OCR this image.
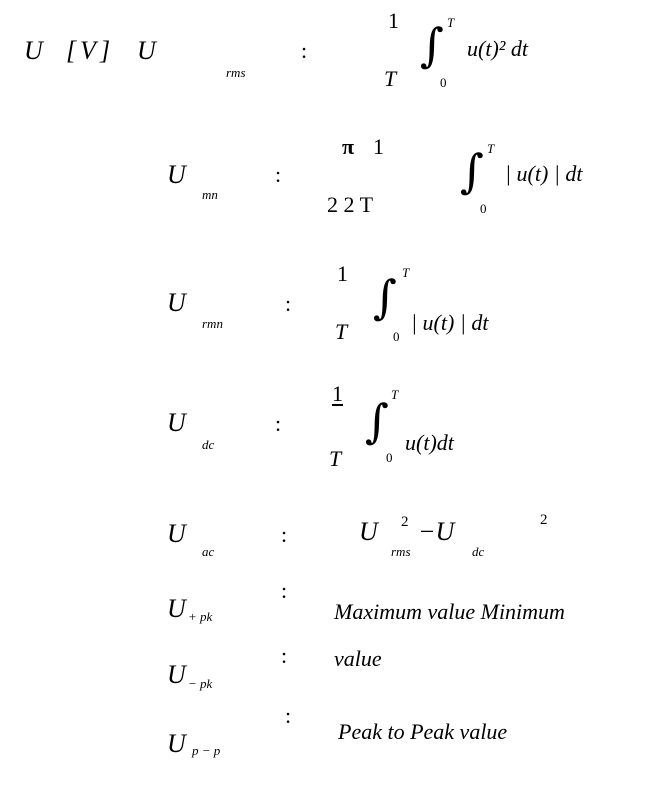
U [ V ] U
rms
:
1
T
∫ T
0
u(t)² dt
U
mn
:
π 1
2 2 T
∫ T
0
| u(t) | dt
U
rmn
:
1
T
∫ T
0
| u(t) | dt
U
dc
:
1
T
∫ T
0
u(t)dt
U
ac
:	U 2
rms
−U
dc
2
U + pk
:
Maximum value Minimum
U − pk
: value
U p − p
:
Peak to Peak value
